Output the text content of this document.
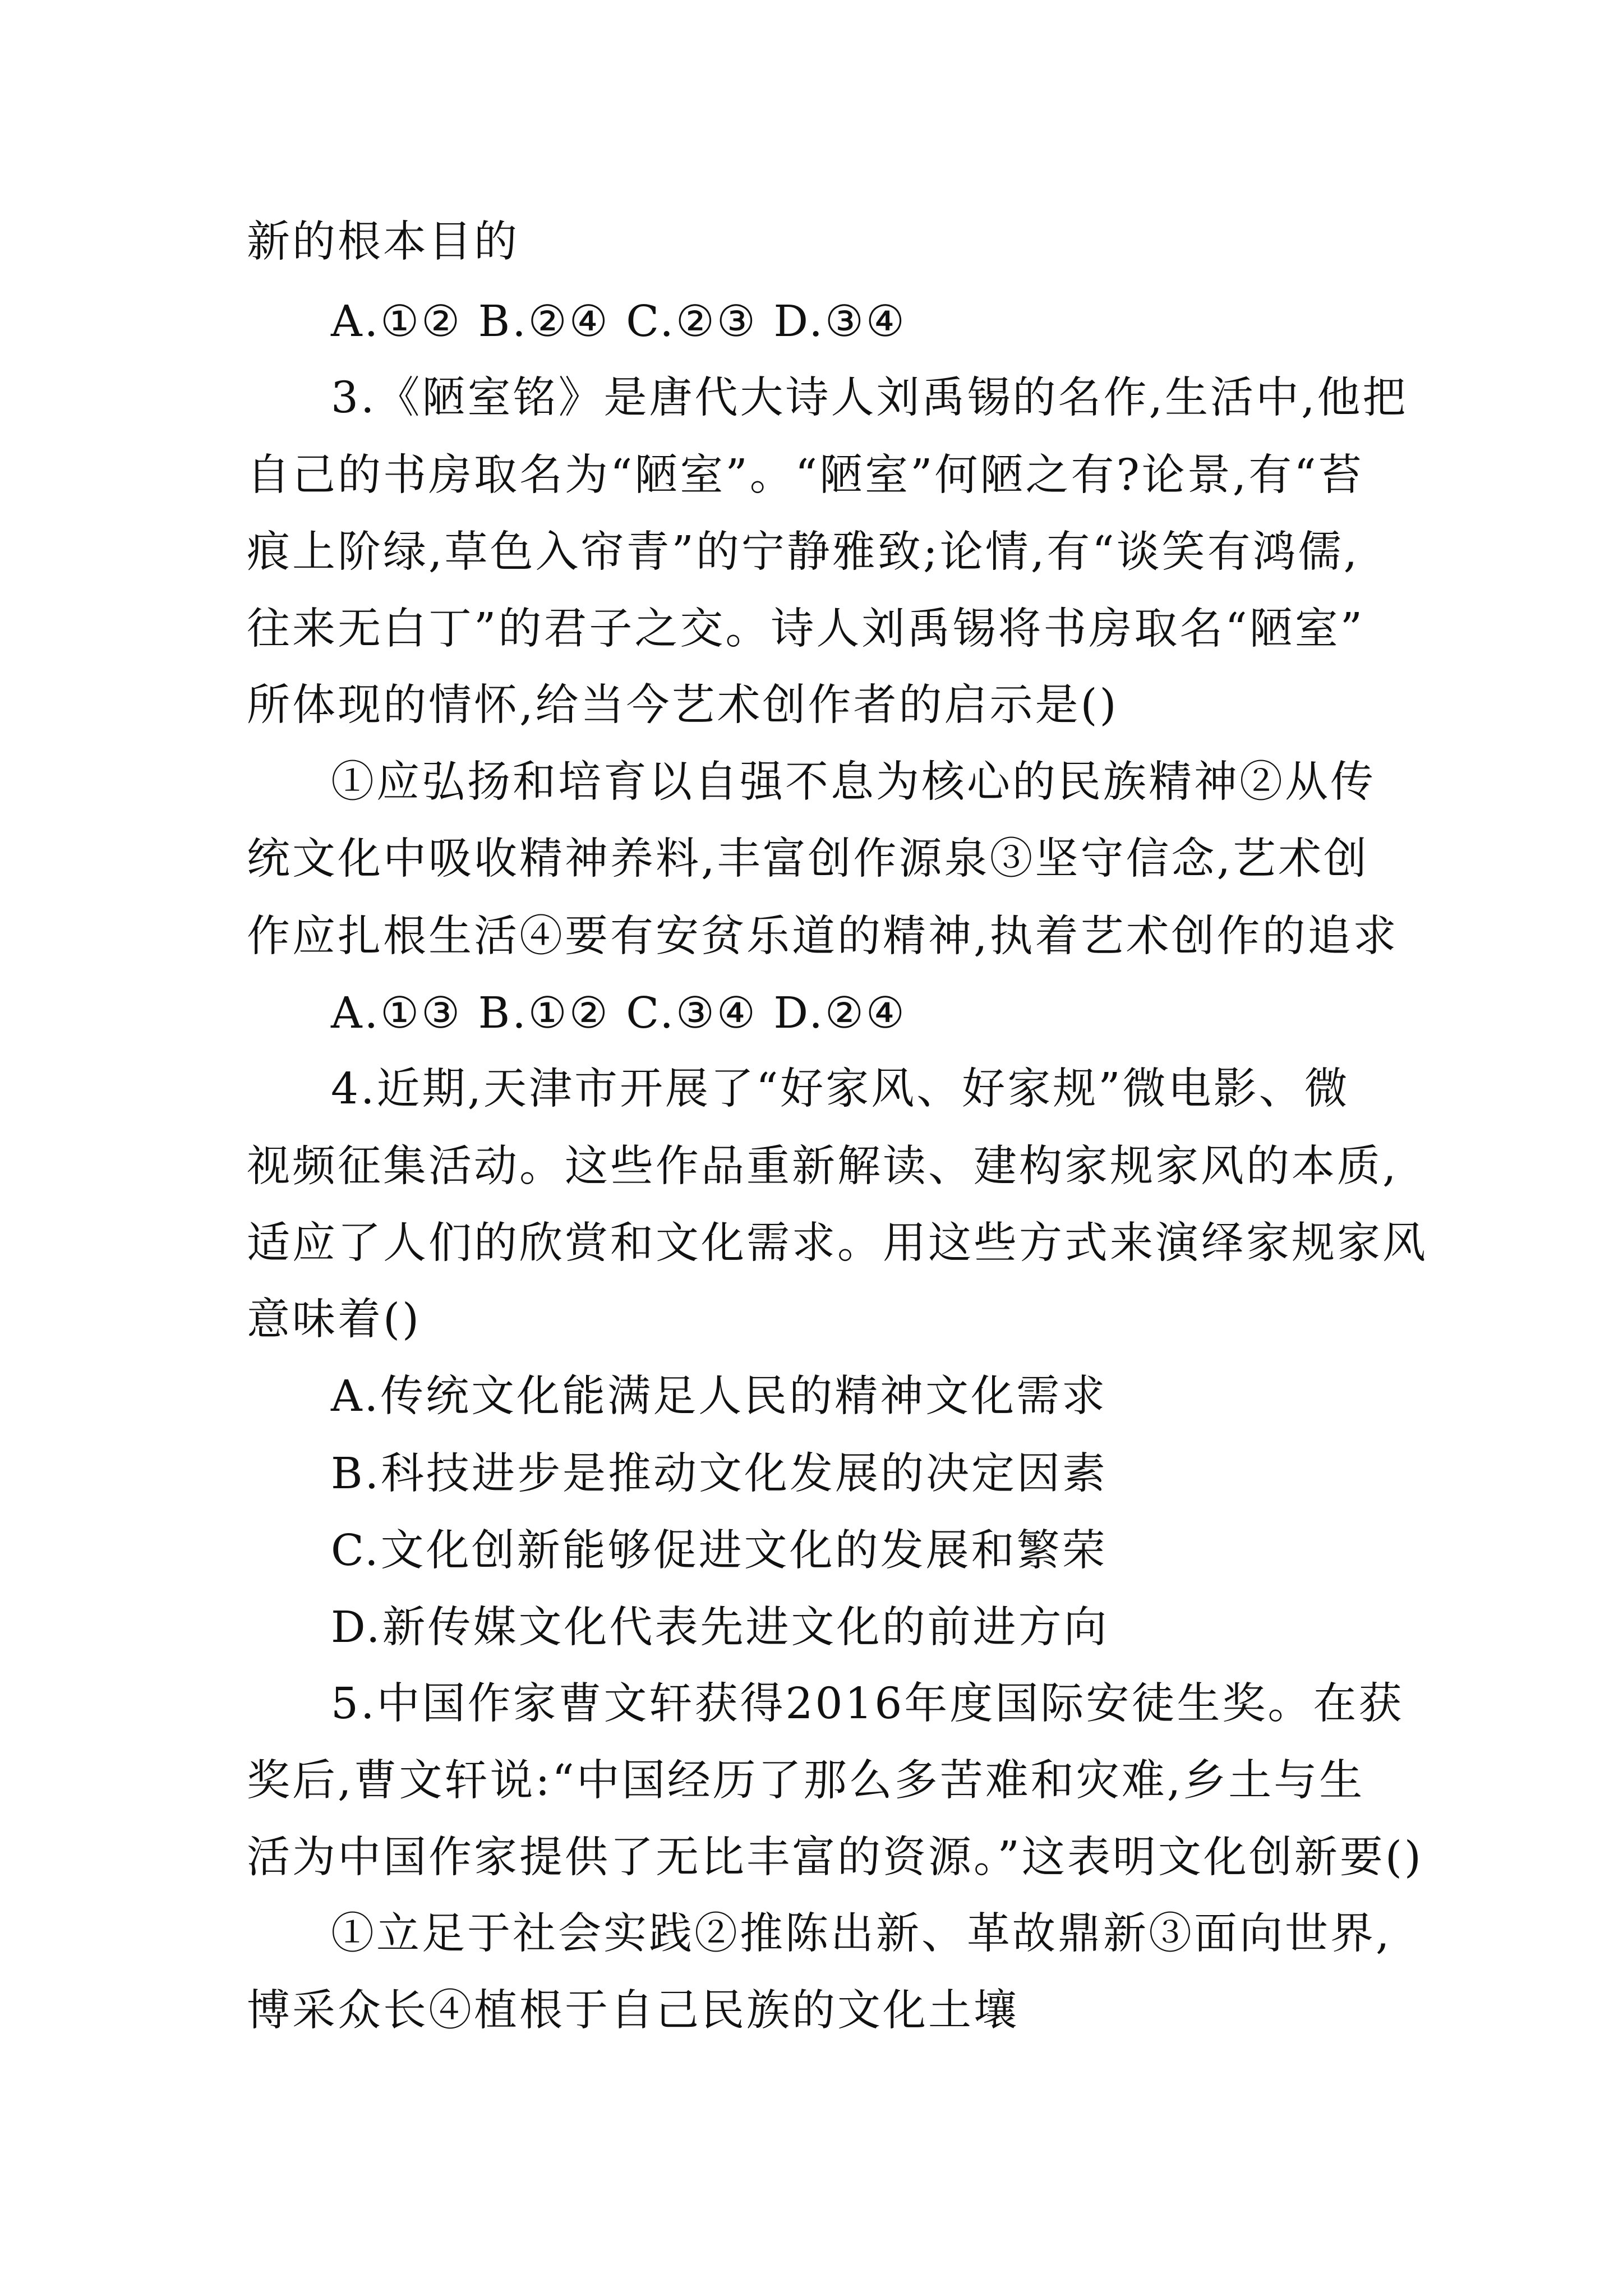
新的根本目的
A.①② B.②④ C.②③ D.③④
3.《陋室铭》是唐代大诗人刘禹锡的名作,生活中,他把
自己的书房取名为“陋室”。“陋室”何陋之有?论景,有“苔
痕上阶绿,草色入帘青”的宁静雅致;论情,有“谈笑有鸿儒,
往来无白丁”的君子之交。诗人刘禹锡将书房取名“陋室”
所体现的情怀,给当今艺术创作者的启示是()
①应弘扬和培育以自强不息为核心的民族精神②从传
统文化中吸收精神养料,丰富创作源泉③坚守信念,艺术创
作应扎根生活④要有安贫乐道的精神,执着艺术创作的追求
A.①③ B.①② C.③④ D.②④
4.近期,天津市开展了“好家风、好家规”微电影、微
视频征集活动。这些作品重新解读、建构家规家风的本质,
适应了人们的欣赏和文化需求。用这些方式来演绎家规家风
意味着()
A.传统文化能满足人民的精神文化需求
B.科技进步是推动文化发展的决定因素
C.文化创新能够促进文化的发展和繁荣
D.新传媒文化代表先进文化的前进方向
5.中国作家曹文轩获得2016年度国际安徒生奖。在获
奖后,曹文轩说:“中国经历了那么多苦难和灾难,乡土与生
活为中国作家提供了无比丰富的资源。”这表明文化创新要()
①立足于社会实践②推陈出新、革故鼎新③面向世界,
博采众长④植根于自己民族的文化土壤
